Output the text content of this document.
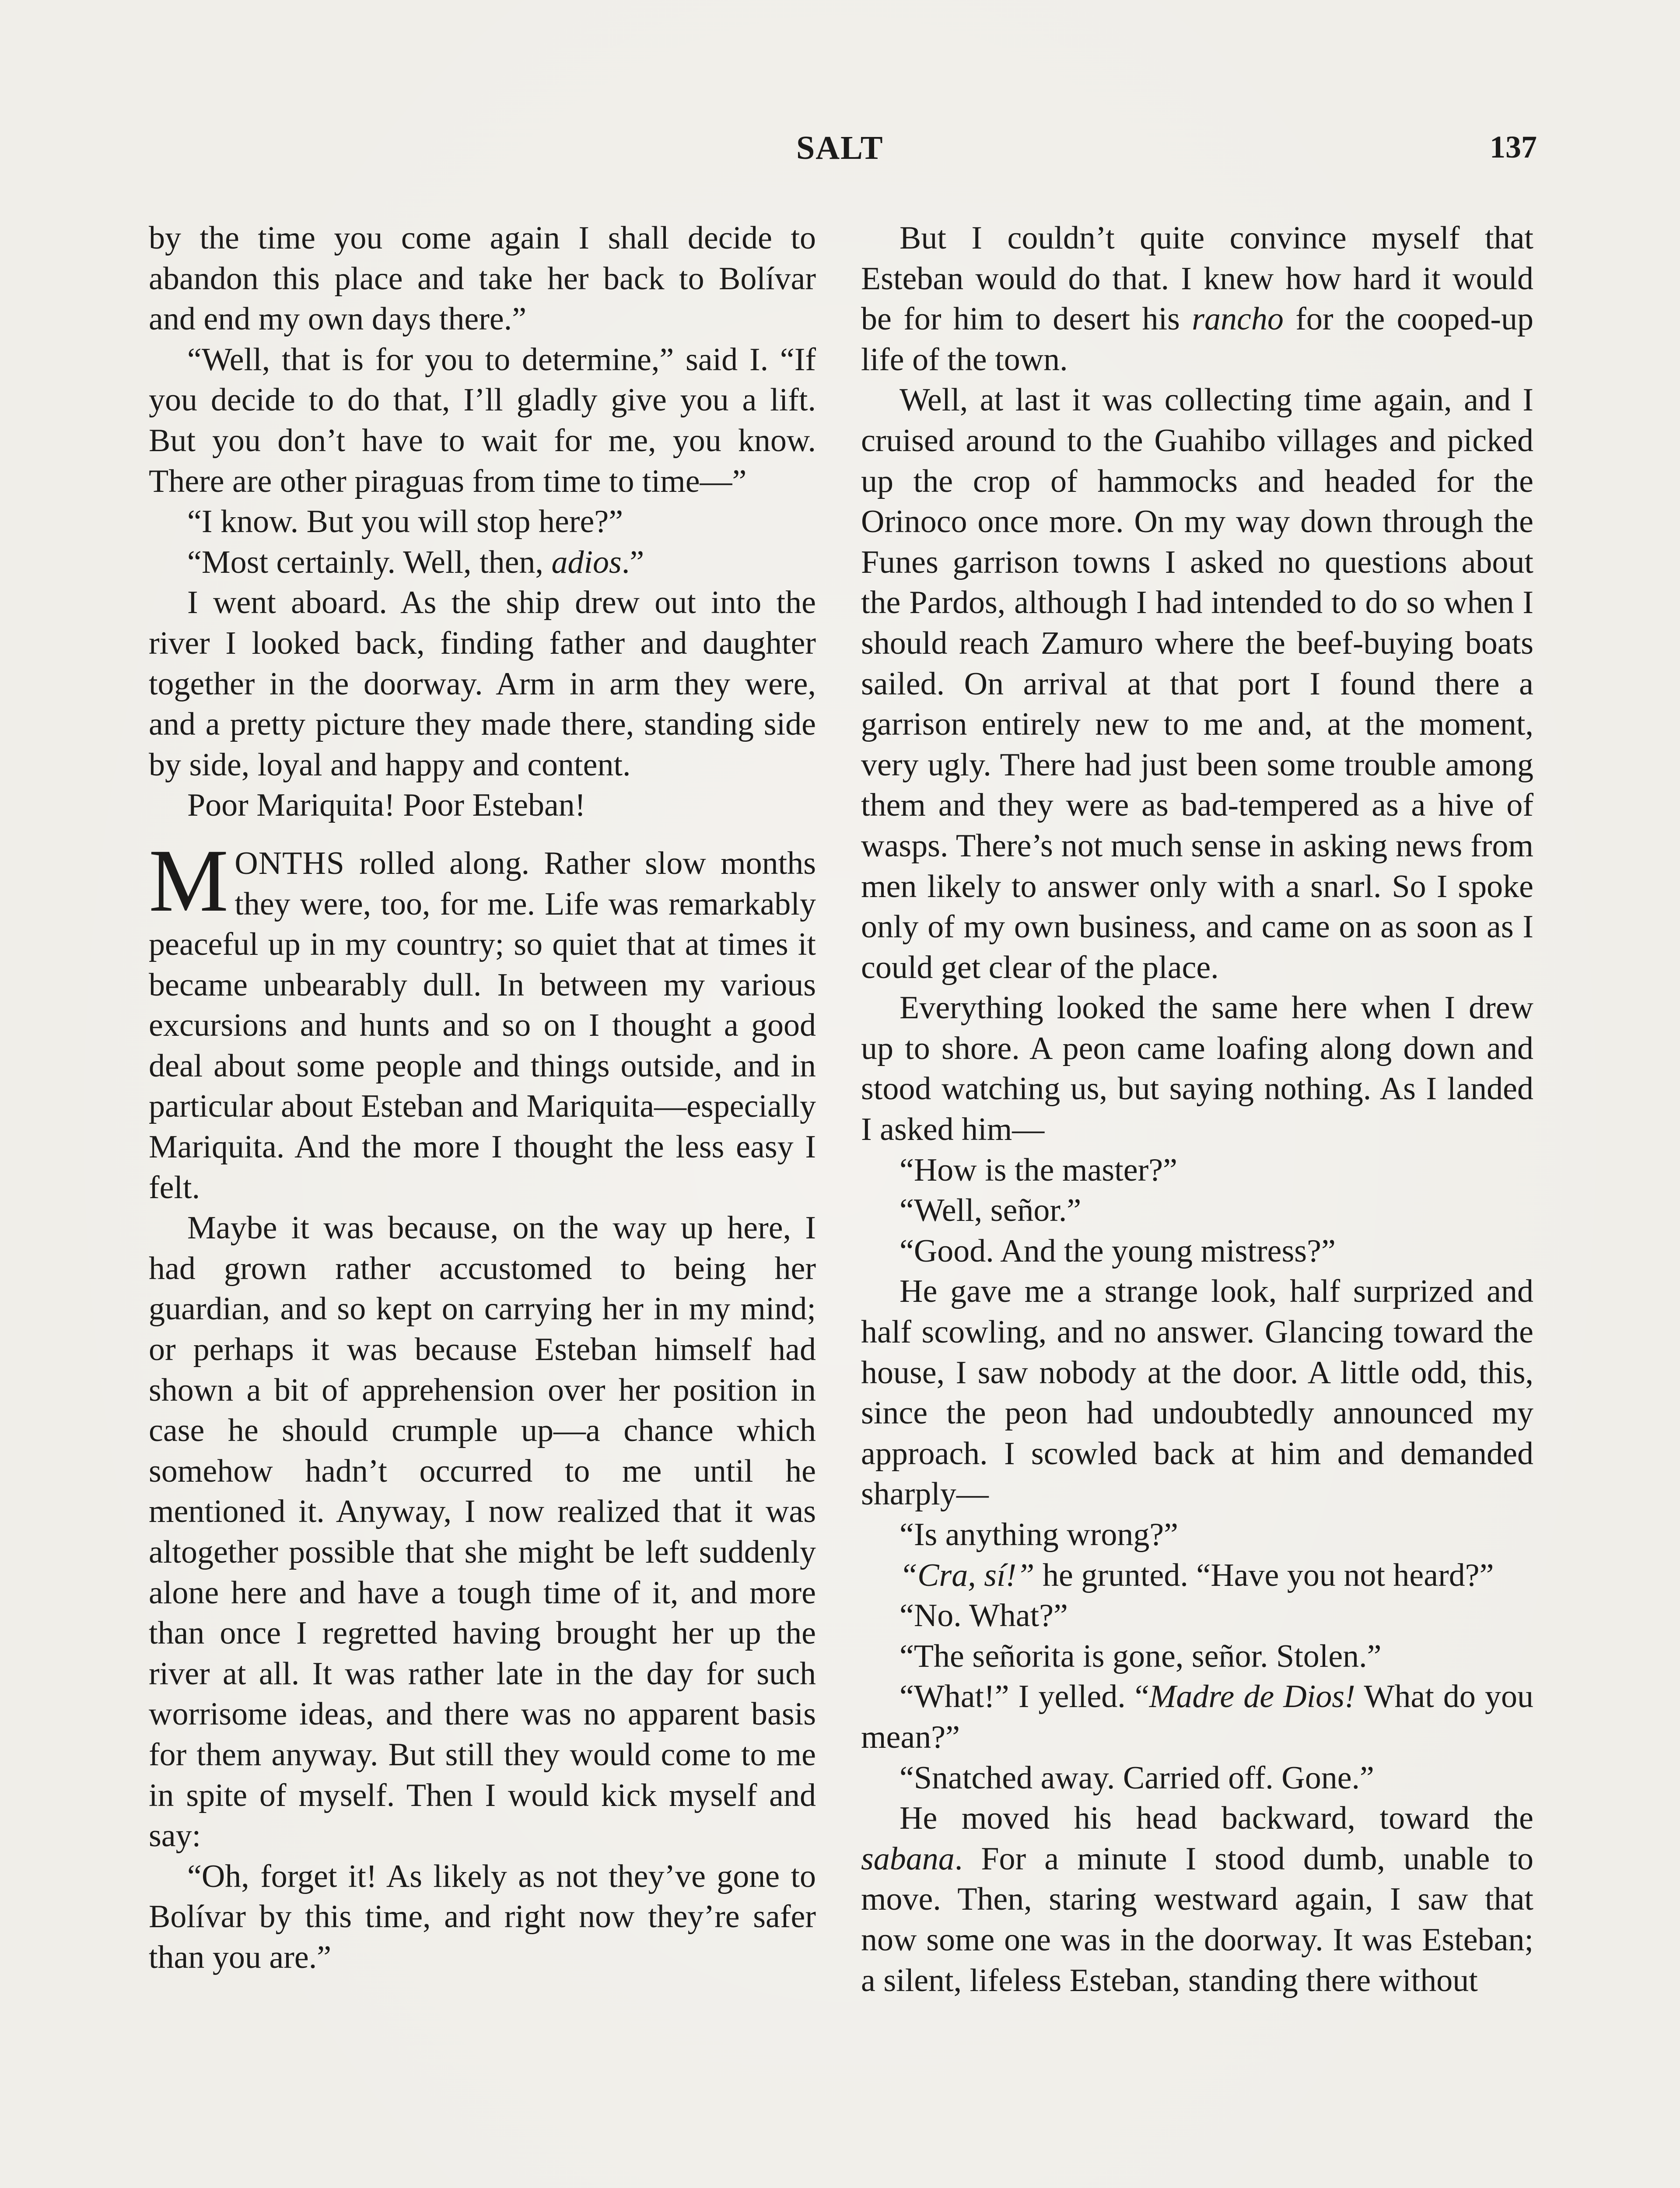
SALT	137

by the time you come again I shall decide to abandon this place and take her back to Bolívar and end my own days there.”

“Well, that is for you to determine,” said I. “If you decide to do that, I’ll gladly give you a lift. But you don’t have to wait for me, you know. There are other piraguas from time to time—”

“I know. But you will stop here?”

“Most certainly. Well, then, adios.”

I went aboard. As the ship drew out into the river I looked back, finding father and daughter together in the doorway. Arm in arm they were, and a pretty picture they made there, standing side by side, loyal and happy and content.

Poor Mariquita! Poor Esteban!

MONTHS rolled along. Rather slow months they were, too, for me. Life was remarkably peaceful up in my country; so quiet that at times it became unbearably dull. In between my various excursions and hunts and so on I thought a good deal about some people and things outside, and in particular about Esteban and Mariquita—especially Mariquita. And the more I thought the less easy I felt.

Maybe it was because, on the way up here, I had grown rather accustomed to being her guardian, and so kept on carrying her in my mind; or perhaps it was because Esteban himself had shown a bit of apprehension over her position in case he should crumple up—a chance which somehow hadn’t occurred to me until he mentioned it. Anyway, I now realized that it was altogether possible that she might be left suddenly alone here and have a tough time of it, and more than once I regretted having brought her up the river at all. It was rather late in the day for such worrisome ideas, and there was no apparent basis for them anyway. But still they would come to me in spite of myself. Then I would kick myself and say:

“Oh, forget it! As likely as not they’ve gone to Bolívar by this time, and right now they’re safer than you are.”

But I couldn’t quite convince myself that Esteban would do that. I knew how hard it would be for him to desert his rancho for the cooped-up life of the town.

Well, at last it was collecting time again, and I cruised around to the Guahibo villages and picked up the crop of hammocks and headed for the Orinoco once more. On my way down through the Funes garrison towns I asked no questions about the Pardos, although I had intended to do so when I should reach Zamuro where the beef-buying boats sailed. On arrival at that port I found there a garrison entirely new to me and, at the moment, very ugly. There had just been some trouble among them and they were as bad-tempered as a hive of wasps. There’s not much sense in asking news from men likely to answer only with a snarl. So I spoke only of my own business, and came on as soon as I could get clear of the place.

Everything looked the same here when I drew up to shore. A peon came loafing along down and stood watching us, but saying nothing. As I landed I asked him—

“How is the master?”

“Well, señor.”

“Good. And the young mistress?”

He gave me a strange look, half surprized and half scowling, and no answer. Glancing toward the house, I saw nobody at the door. A little odd, this, since the peon had undoubtedly announced my approach. I scowled back at him and demanded sharply—

“Is anything wrong?”

“Cra, sí!” he grunted. “Have you not heard?”

“No. What?”

“The señorita is gone, señor. Stolen.”

“What!” I yelled. “Madre de Dios! What do you mean?”

“Snatched away. Carried off. Gone.”

He moved his head backward, toward the sabana. For a minute I stood dumb, unable to move. Then, staring westward again, I saw that now some one was in the doorway. It was Esteban; a silent, lifeless Esteban, standing there without
